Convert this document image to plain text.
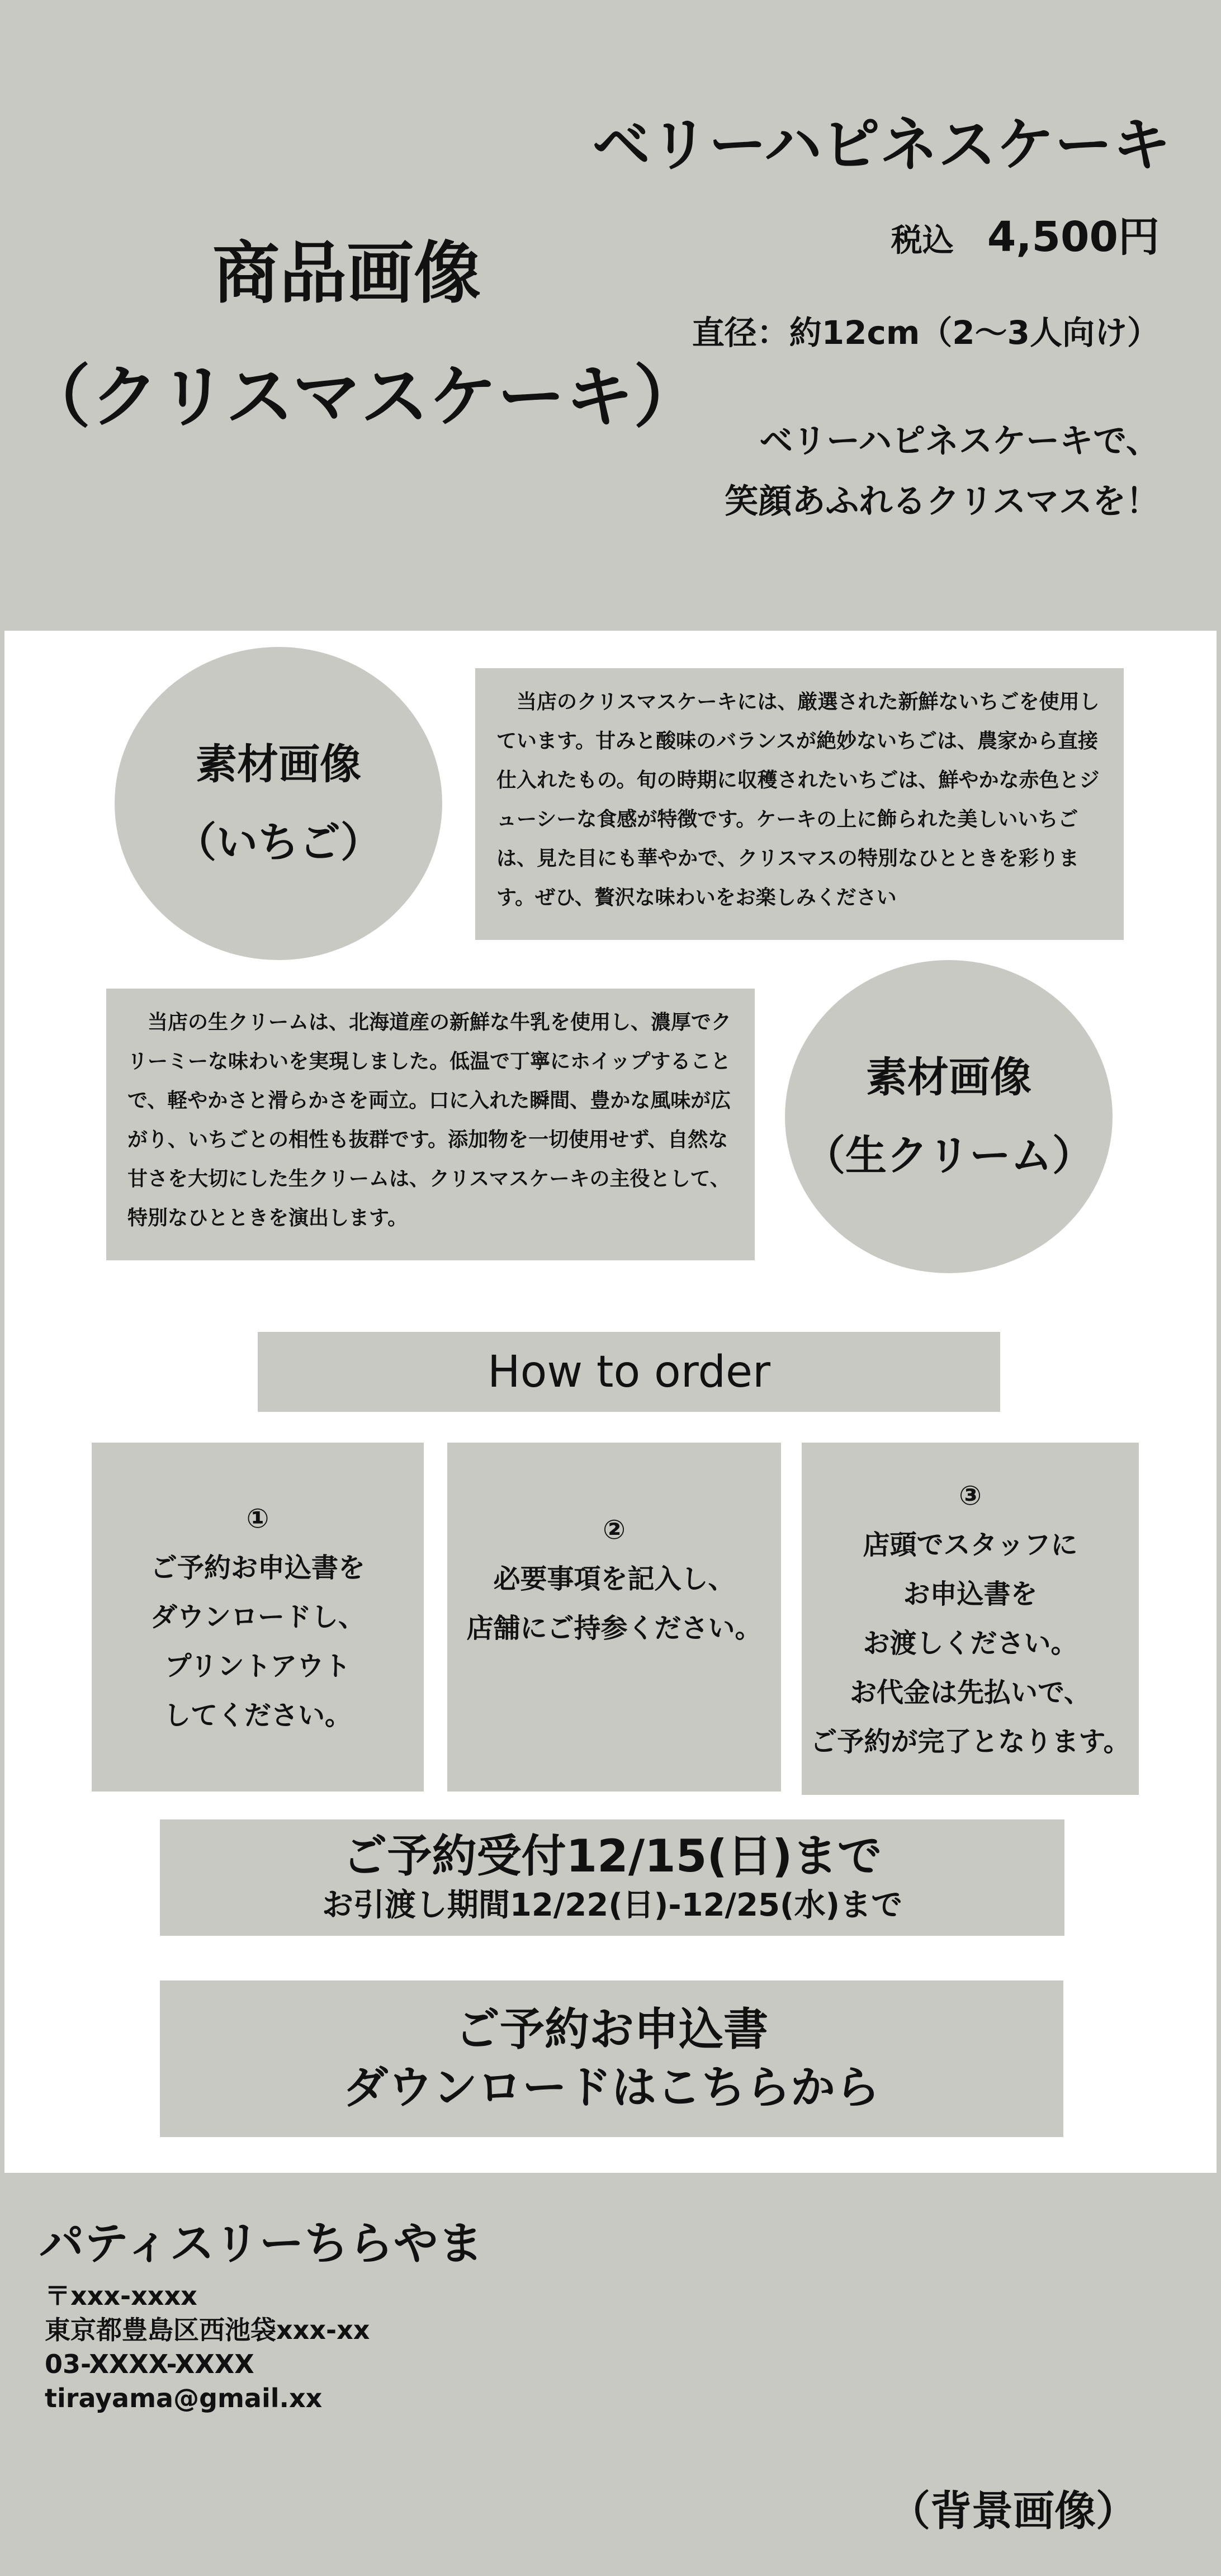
商品画像
（クリスマスケーキ）
ベリーハピネスケーキ
税込 4,500円
直径：約12cm（2～3人向け）
ベリーハピネスケーキで、
笑顔あふれるクリスマスを！
素材画像
（いちご）
　当店のクリスマスケーキには、厳選された新鮮ないちごを使用しています。甘みと酸味のバランスが絶妙ないちごは、農家から直接仕入れたもの。旬の時期に収穫されたいちごは、鮮やかな赤色とジューシーな食感が特徴です。ケーキの上に飾られた美しいいちごは、見た目にも華やかで、クリスマスの特別なひとときを彩ります。ぜひ、贅沢な味わいをお楽しみください
　当店の生クリームは、北海道産の新鮮な牛乳を使用し、濃厚でクリーミーな味わいを実現しました。低温で丁寧にホイップすることで、軽やかさと滑らかさを両立。口に入れた瞬間、豊かな風味が広がり、いちごとの相性も抜群です。添加物を一切使用せず、自然な甘さを大切にした生クリームは、クリスマスケーキの主役として、特別なひとときを演出します。
素材画像
（生クリーム）
How to order
①
ご予約お申込書を
ダウンロードし、
プリントアウト
してください。
②
必要事項を記入し、
店舗にご持参ください。
③
店頭でスタッフに
お申込書を
お渡しください。
お代金は先払いで、
ご予約が完了となります。
ご予約受付12/15(日)まで
お引渡し期間12/22(日)-12/25(水)まで
ご予約お申込書
ダウンロードはこちらから
パティスリーちらやま
〒xxx-xxxx
東京都豊島区西池袋xxx-xx
03-XXXX-XXXX
tirayama@gmail.xx
（背景画像）
